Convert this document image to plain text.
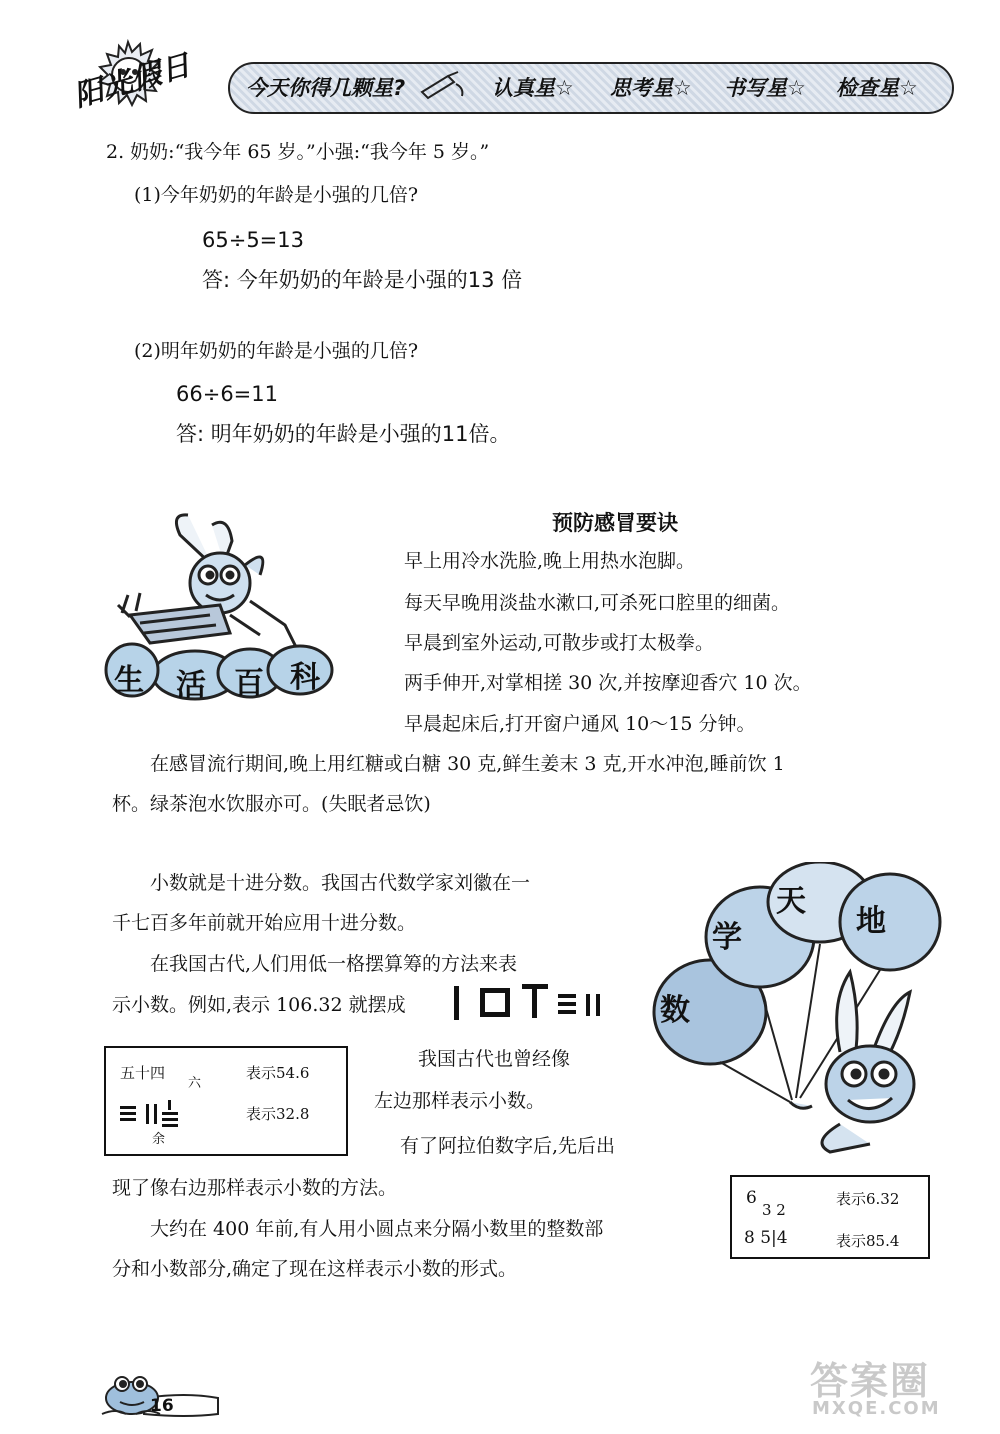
阳光假日 今天你得几颗星?	认真星☆ 思考星☆ 书写星☆ 检查星☆
2. 奶奶:“我今年 65 岁。”小强:“我今年 5 岁。”
(1)今年奶奶的年龄是小强的几倍?
65÷5=13
答: 今年奶奶的年龄是小强的13 倍
(2)明年奶奶的年龄是小强的几倍?
66÷6=11
答: 明年奶奶的年龄是小强的11倍。
生 活 百 科
预防感冒要诀
早上用冷水洗脸,晚上用热水泡脚。
每天早晚用淡盐水漱口,可杀死口腔里的细菌。
早晨到室外运动,可散步或打太极拳。
两手伸开,对掌相搓 30 次,并按摩迎香穴 10 次。
早晨起床后,打开窗户通风 10～15 分钟。
在感冒流行期间,晚上用红糖或白糖 30 克,鲜生姜末 3 克,开水冲泡,睡前饮 1
杯。绿茶泡水饮服亦可。(失眠者忌饮)
小数就是十进分数。我国古代数学家刘徽在一
千七百多年前就开始应用十进分数。
在我国古代,人们用低一格摆算筹的方法来表
示小数。例如,表示 106.32 就摆成
五十四
六
表示54.6
余
表示32.8
我国古代也曾经像
左边那样表示小数。
有了阿拉伯数字后,先后出
现了像右边那样表示小数的方法。
大约在 400 年前,有人用小圆点来分隔小数里的整数部
分和小数部分,确定了现在这样表示小数的形式。
数
学
天
地
6
3 2
表示6.32
8 5|4	表示85.4
16
答案圈
MXQE.COM
